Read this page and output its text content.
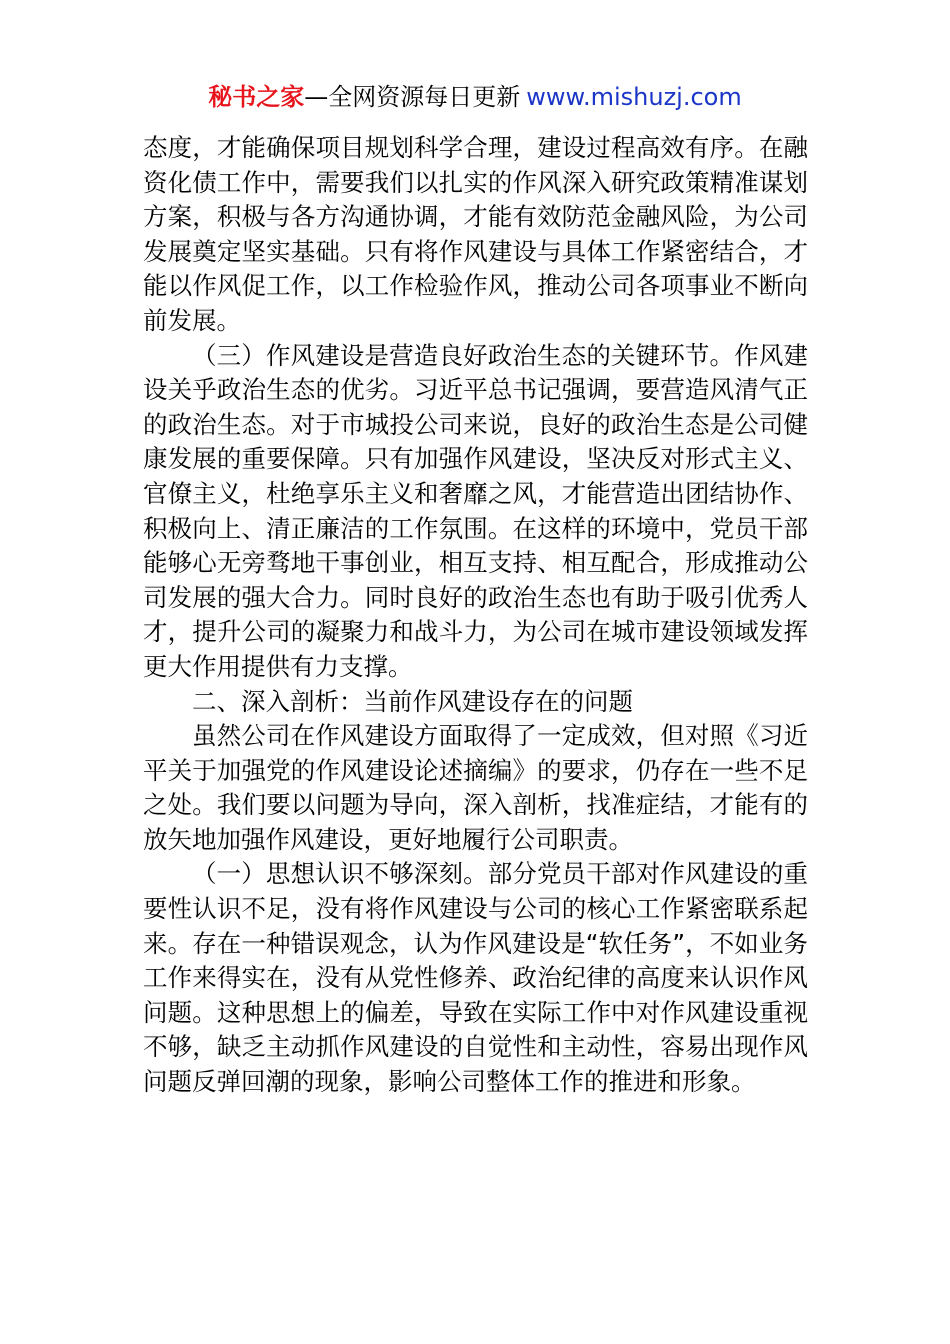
秘书之家—全网资源每日更新 www.mishuzj.com

态度，才能确保项目规划科学合理，建设过程高效有序。在融资化债工作中，需要我们以扎实的作风深入研究政策精准谋划方案，积极与各方沟通协调，才能有效防范金融风险，为公司发展奠定坚实基础。只有将作风建设与具体工作紧密结合，才能以作风促工作，以工作检验作风，推动公司各项事业不断向前发展。

（三）作风建设是营造良好政治生态的关键环节。作风建设关乎政治生态的优劣。习近平总书记强调，要营造风清气正的政治生态。对于市城投公司来说，良好的政治生态是公司健康发展的重要保障。只有加强作风建设，坚决反对形式主义、官僚主义，杜绝享乐主义和奢靡之风，才能营造出团结协作、积极向上、清正廉洁的工作氛围。在这样的环境中，党员干部能够心无旁骛地干事创业，相互支持、相互配合，形成推动公司发展的强大合力。同时良好的政治生态也有助于吸引优秀人才，提升公司的凝聚力和战斗力，为公司在城市建设领域发挥更大作用提供有力支撑。

二、深入剖析：当前作风建设存在的问题

虽然公司在作风建设方面取得了一定成效，但对照《习近平关于加强党的作风建设论述摘编》的要求，仍存在一些不足之处。我们要以问题为导向，深入剖析，找准症结，才能有的放矢地加强作风建设，更好地履行公司职责。

（一）思想认识不够深刻。部分党员干部对作风建设的重要性认识不足，没有将作风建设与公司的核心工作紧密联系起来。存在一种错误观念，认为作风建设是“软任务”，不如业务工作来得实在，没有从党性修养、政治纪律的高度来认识作风问题。这种思想上的偏差，导致在实际工作中对作风建设重视不够，缺乏主动抓作风建设的自觉性和主动性，容易出现作风问题反弹回潮的现象，影响公司整体工作的推进和形象。
